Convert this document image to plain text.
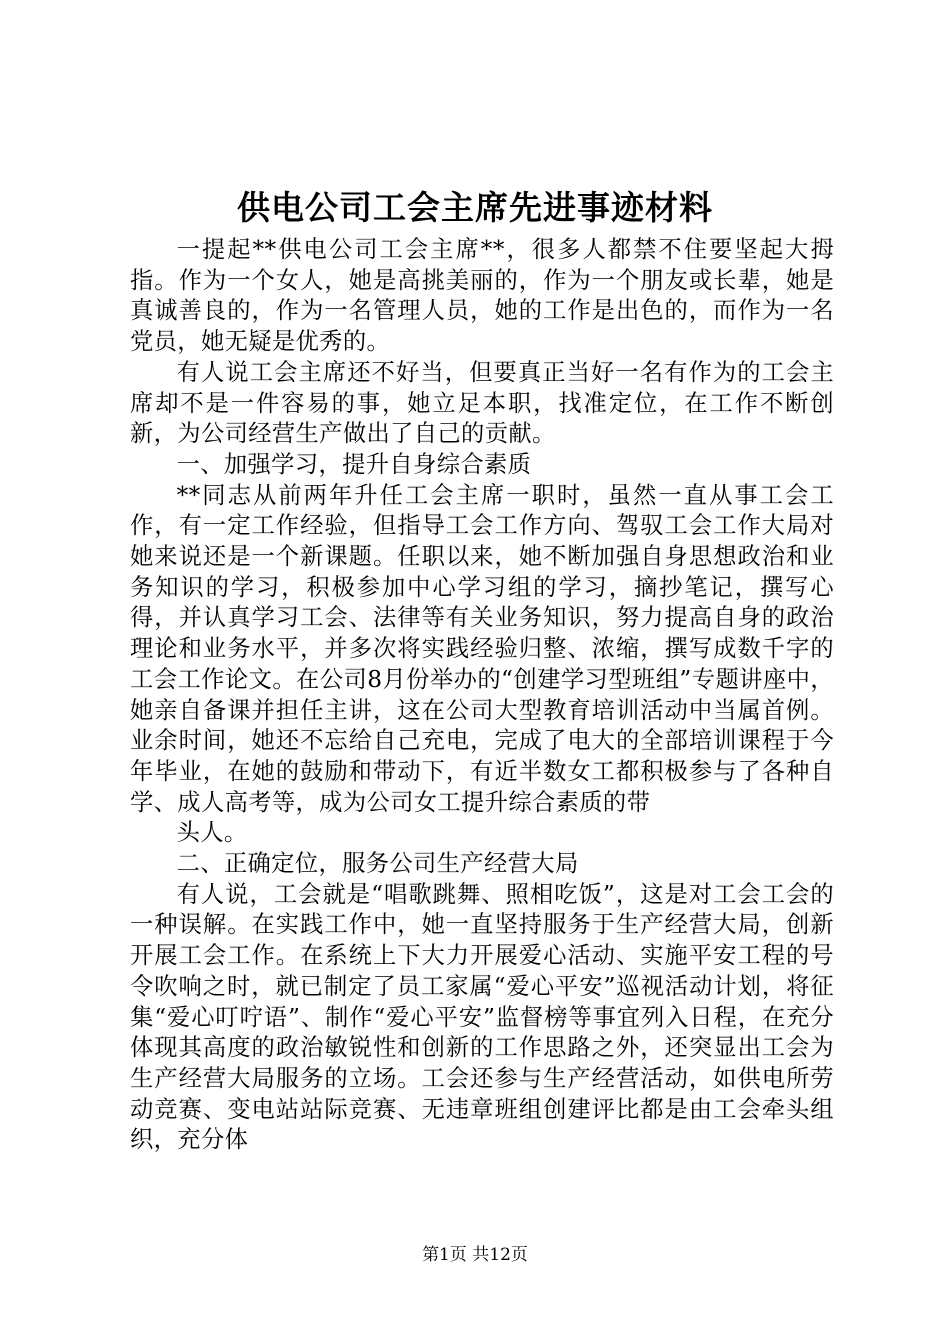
供电公司工会主席先进事迹材料

一提起**供电公司工会主席**，很多人都禁不住要坚起大拇指。作为一个女人，她是高挑美丽的，作为一个朋友或长辈，她是真诚善良的，作为一名管理人员，她的工作是出色的，而作为一名党员，她无疑是优秀的。

有人说工会主席还不好当，但要真正当好一名有作为的工会主席却不是一件容易的事，她立足本职，找准定位，在工作不断创新，为公司经营生产做出了自己的贡献。

一、加强学习，提升自身综合素质

**同志从前两年升任工会主席一职时，虽然一直从事工会工作，有一定工作经验，但指导工会工作方向、驾驭工会工作大局对她来说还是一个新课题。任职以来，她不断加强自身思想政治和业务知识的学习，积极参加中心学习组的学习，摘抄笔记，撰写心得，并认真学习工会、法律等有关业务知识，努力提高自身的政治理论和业务水平，并多次将实践经验归整、浓缩，撰写成数千字的工会工作论文。在公司8月份举办的“创建学习型班组”专题讲座中，她亲自备课并担任主讲，这在公司大型教育培训活动中当属首例。业余时间，她还不忘给自己充电，完成了电大的全部培训课程于今年毕业，在她的鼓励和带动下，有近半数女工都积极参与了各种自学、成人高考等，成为公司女工提升综合素质的带

头人。

二、正确定位，服务公司生产经营大局

有人说，工会就是“唱歌跳舞、照相吃饭”，这是对工会工会的一种误解。在实践工作中，她一直坚持服务于生产经营大局，创新开展工会工作。在系统上下大力开展爱心活动、实施平安工程的号令吹响之时，就已制定了员工家属“爱心平安”巡视活动计划，将征集“爱心叮咛语”、制作“爱心平安”监督榜等事宜列入日程，在充分体现其高度的政治敏锐性和创新的工作思路之外，还突显出工会为生产经营大局服务的立场。工会还参与生产经营活动，如供电所劳动竞赛、变电站站际竞赛、无违章班组创建评比都是由工会牵头组织，充分体

第1页 共12页
